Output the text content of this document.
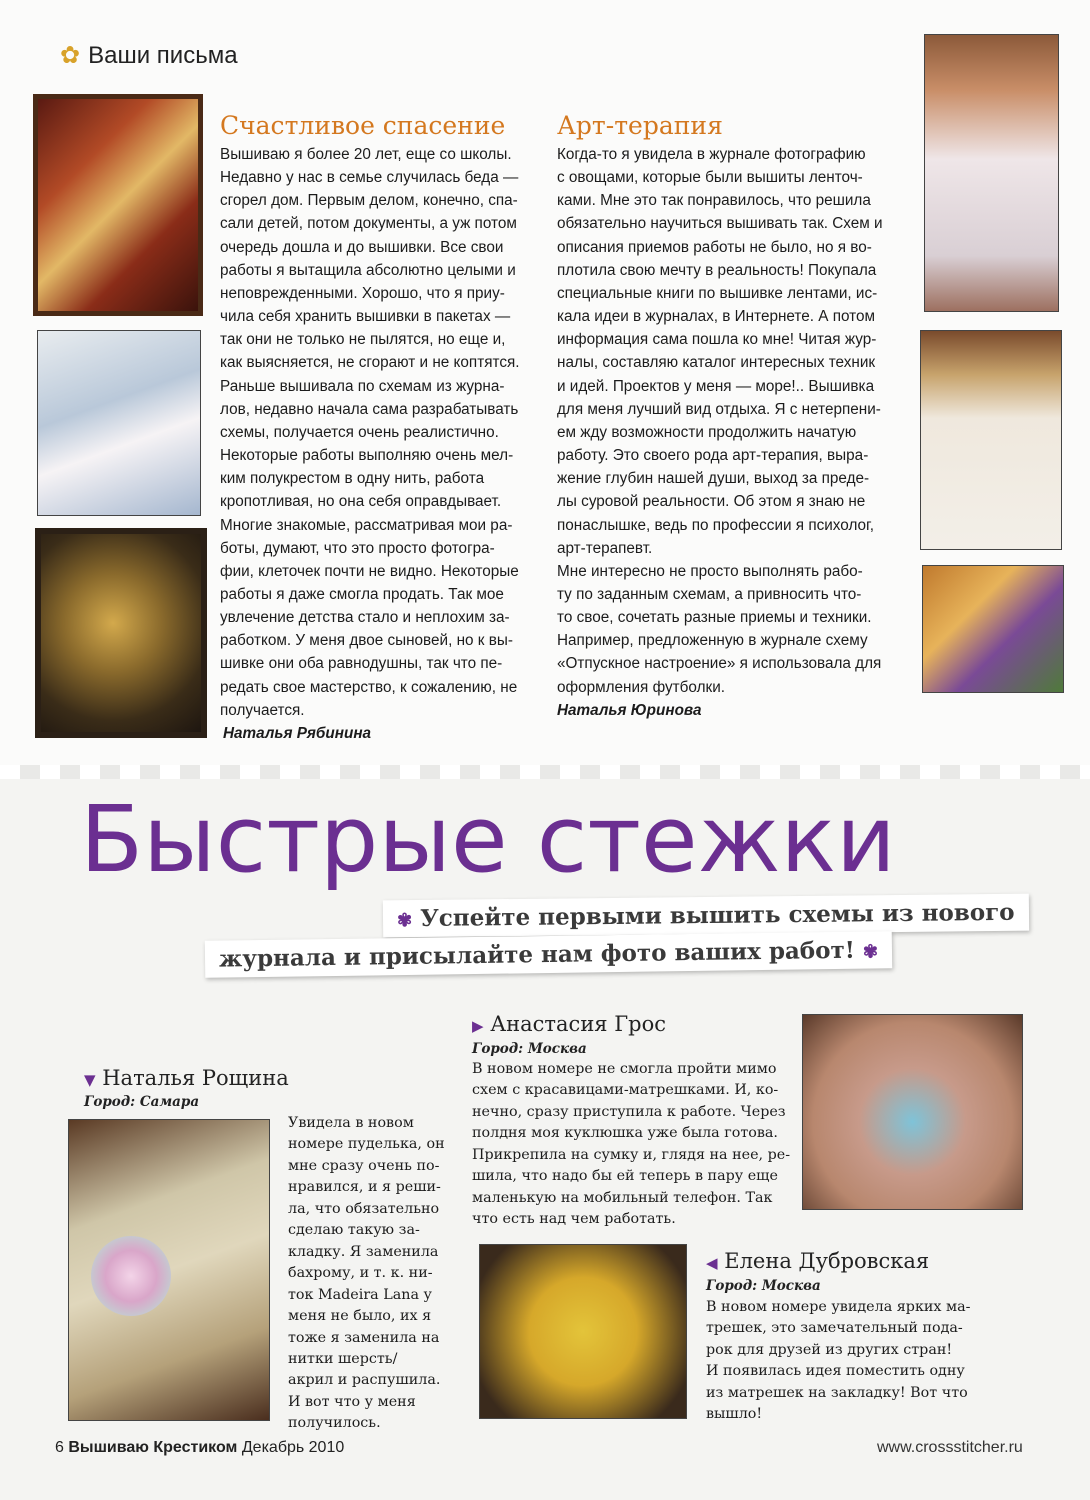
✿ Ваши письма
Счастливое спасение
Вышиваю я более 20 лет, еще со школы.
Недавно у нас в семье случилась беда —
сгорел дом. Первым делом, конечно, спа-
сали детей, потом документы, а уж потом
очередь дошла и до вышивки. Все свои
работы я вытащила абсолютно целыми и
неповрежденными. Хорошо, что я приу-
чила себя хранить вышивки в пакетах —
так они не только не пылятся, но еще и,
как выясняется, не сгорают и не коптятся.
Раньше вышивала по схемам из журна-
лов, недавно начала сама разрабатывать
схемы, получается очень реалистично.
Некоторые работы выполняю очень мел-
ким полукрестом в одну нить, работа
кропотливая, но она себя оправдывает.
Многие знакомые, рассматривая мои ра-
боты, думают, что это просто фотогра-
фии, клеточек почти не видно. Некоторые
работы я даже смогла продать. Так мое
увлечение детства стало и неплохим за-
работком. У меня двое сыновей, но к вы-
шивке они оба равнодушны, так что пе-
редать свое мастерство, к сожалению, не
получается.
Наталья Рябинина
Арт-терапия
Когда-то я увидела в журнале фотографию
с овощами, которые были вышиты ленточ-
ками. Мне это так понравилось, что решила
обязательно научиться вышивать так. Схем и
описания приемов работы не было, но я во-
плотила свою мечту в реальность! Покупала
специальные книги по вышивке лентами, ис-
кала идеи в журналах, в Интернете. А потом
информация сама пошла ко мне! Читая жур-
налы, составляю каталог интересных техник
и идей. Проектов у меня — море!.. Вышивка
для меня лучший вид отдыха. Я с нетерпени-
ем жду возможности продолжить начатую
работу. Это своего рода арт-терапия, выра-
жение глубин нашей души, выход за преде-
лы суровой реальности. Об этом я знаю не
понаслышке, ведь по профессии я психолог,
арт-терапевт.
Мне интересно не просто выполнять рабо-
ту по заданным схемам, а привносить что-
то свое, сочетать разные приемы и техники.
Например, предложенную в журнале схему
«Отпускное настроение» я использовала для
оформления футболки.
Наталья Юринова
Быстрые стежки
✾ Успейте первыми вышить схемы из нового
журнала и присылайте нам фото ваших работ! ✾
▼ Наталья Рощина
Город: Самара
Увидела в новом
номере пуделька, он
мне сразу очень по-
нравился, и я реши-
ла, что обязательно
сделаю такую за-
кладку. Я заменила
бахрому, и т. к. ни-
ток Madeira Lana у
меня не было, их я
тоже я заменила на
нитки шерсть/
акрил и распушила.
И вот что у меня
получилось.
▶ Анастасия Грос
Город: Москва
В новом номере не смогла пройти мимо
схем с красавицами-матрешками. И, ко-
нечно, сразу приступила к работе. Через
полдня моя куклюшка уже была готова.
Прикрепила на сумку и, глядя на нее, ре-
шила, что надо бы ей теперь в пару еще
маленькую на мобильный телефон. Так
что есть над чем работать.
◀ Елена Дубровская
Город: Москва
В новом номере увидела ярких ма-
трешек, это замечательный пода-
рок для друзей из других стран!
И появилась идея поместить одну
из матрешек на закладку! Вот что
вышло!
6 Вышиваю Крестиком Декабрь 2010	www.crossstitcher.ru
